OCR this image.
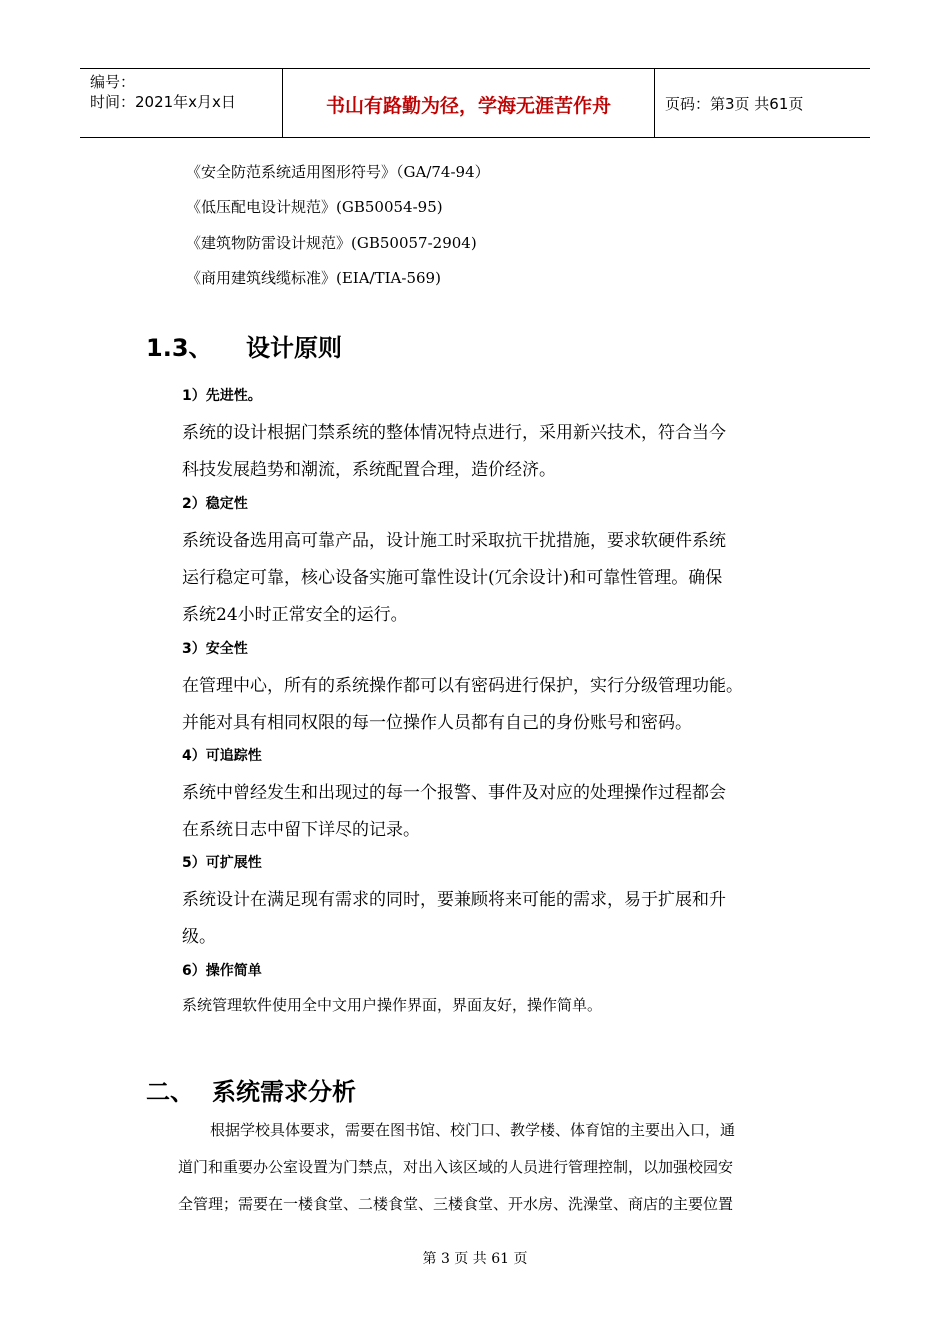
编号：
时间：2021年x月x日	书山有路勤为径，学海无涯苦作舟	页码：第3页 共61页
《安全防范系统适用图形符号》（GA/74-94）
《低压配电设计规范》(GB50054-95)
《建筑物防雷设计规范》(GB50057-2904)
《商用建筑线缆标准》(EIA/TIA-569)
1.3、 设计原则
1）先进性。
系统的设计根据门禁系统的整体情况特点进行，采用新兴技术，符合当今
科技发展趋势和潮流，系统配置合理，造价经济。
2）稳定性
系统设备选用高可靠产品，设计施工时采取抗干扰措施，要求软硬件系统
运行稳定可靠，核心设备实施可靠性设计(冗余设计)和可靠性管理。确保
系统24小时正常安全的运行。
3）安全性
在管理中心，所有的系统操作都可以有密码进行保护，实行分级管理功能。
并能对具有相同权限的每一位操作人员都有自己的身份账号和密码。
4）可追踪性
系统中曾经发生和出现过的每一个报警、事件及对应的处理操作过程都会
在系统日志中留下详尽的记录。
5）可扩展性
系统设计在满足现有需求的同时，要兼顾将来可能的需求，易于扩展和升
级。
6）操作简单
系统管理软件使用全中文用户操作界面，界面友好，操作简单。
二、 系统需求分析
根据学校具体要求，需要在图书馆、校门口、教学楼、体育馆的主要出入口，通
道门和重要办公室设置为门禁点，对出入该区域的人员进行管理控制，以加强校园安
全管理；需要在一楼食堂、二楼食堂、三楼食堂、开水房、洗澡堂、商店的主要位置
第 3 页 共 61 页
